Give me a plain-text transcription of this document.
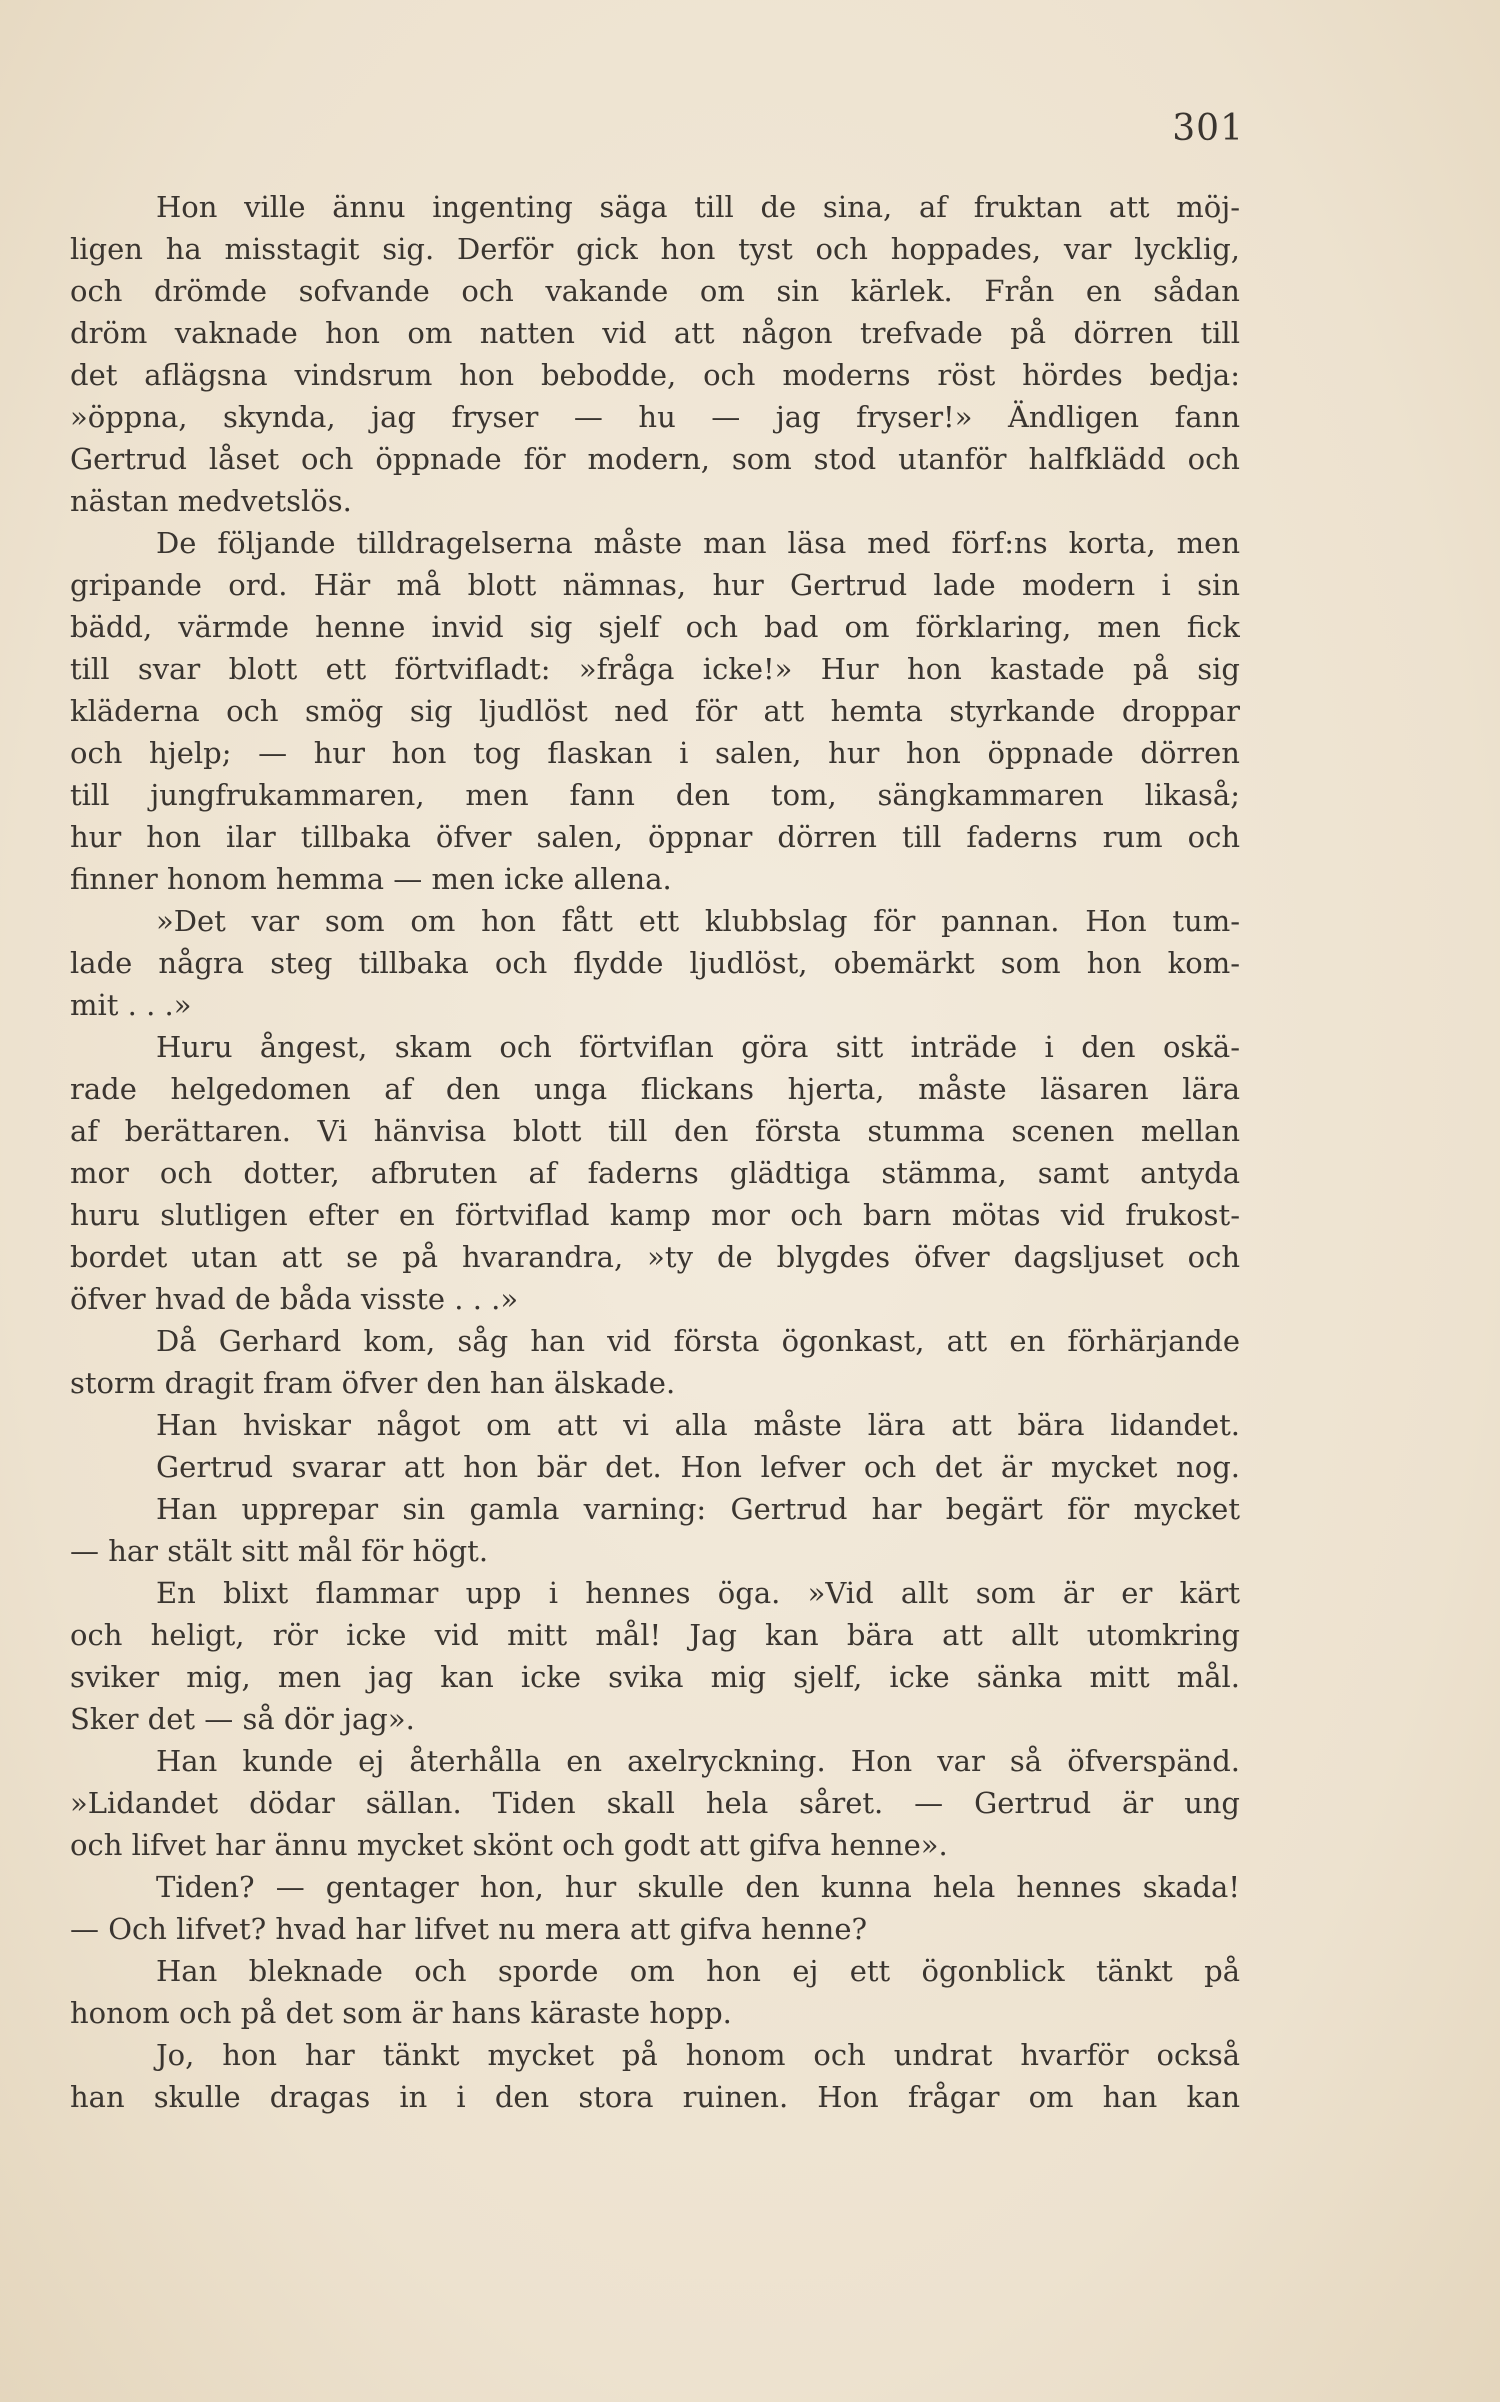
301
Hon ville ännu ingenting säga till de sina, af fruktan att möj-
ligen ha misstagit sig. Derför gick hon tyst och hoppades, var lycklig,
och drömde sofvande och vakande om sin kärlek. Från en sådan
dröm vaknade hon om natten vid att någon trefvade på dörren till
det aflägsna vindsrum hon bebodde, och moderns röst hördes bedja:
»öppna, skynda, jag fryser — hu — jag fryser!» Ändligen fann
Gertrud låset och öppnade för modern, som stod utanför halfklädd och
nästan medvetslös.
De följande tilldragelserna måste man läsa med förf:ns korta, men
gripande ord. Här må blott nämnas, hur Gertrud lade modern i sin
bädd, värmde henne invid sig sjelf och bad om förklaring, men fick
till svar blott ett förtvifladt: »fråga icke!» Hur hon kastade på sig
kläderna och smög sig ljudlöst ned för att hemta styrkande droppar
och hjelp; — hur hon tog flaskan i salen, hur hon öppnade dörren
till jungfrukammaren, men fann den tom, sängkammaren likaså;
hur hon ilar tillbaka öfver salen, öppnar dörren till faderns rum och
finner honom hemma — men icke allena.
»Det var som om hon fått ett klubbslag för pannan. Hon tum-
lade några steg tillbaka och flydde ljudlöst, obemärkt som hon kom-
mit . . .»
Huru ångest, skam och förtviflan göra sitt inträde i den oskä-
rade helgedomen af den unga flickans hjerta, måste läsaren lära
af berättaren. Vi hänvisa blott till den första stumma scenen mellan
mor och dotter, afbruten af faderns glädtiga stämma, samt antyda
huru slutligen efter en förtviflad kamp mor och barn mötas vid frukost-
bordet utan att se på hvarandra, »ty de blygdes öfver dagsljuset och
öfver hvad de båda visste . . .»
Då Gerhard kom, såg han vid första ögonkast, att en förhärjande
storm dragit fram öfver den han älskade.
Han hviskar något om att vi alla måste lära att bära lidandet.
Gertrud svarar att hon bär det. Hon lefver och det är mycket nog.
Han upprepar sin gamla varning: Gertrud har begärt för mycket
— har stält sitt mål för högt.
En blixt flammar upp i hennes öga. »Vid allt som är er kärt
och heligt, rör icke vid mitt mål! Jag kan bära att allt utomkring
sviker mig, men jag kan icke svika mig sjelf, icke sänka mitt mål.
Sker det — så dör jag».
Han kunde ej återhålla en axelryckning. Hon var så öfverspänd.
»Lidandet dödar sällan. Tiden skall hela såret. — Gertrud är ung
och lifvet har ännu mycket skönt och godt att gifva henne».
Tiden? — gentager hon, hur skulle den kunna hela hennes skada!
— Och lifvet? hvad har lifvet nu mera att gifva henne?
Han bleknade och sporde om hon ej ett ögonblick tänkt på
honom och på det som är hans käraste hopp.
Jo, hon har tänkt mycket på honom och undrat hvarför också
han skulle dragas in i den stora ruinen. Hon frågar om han kan
